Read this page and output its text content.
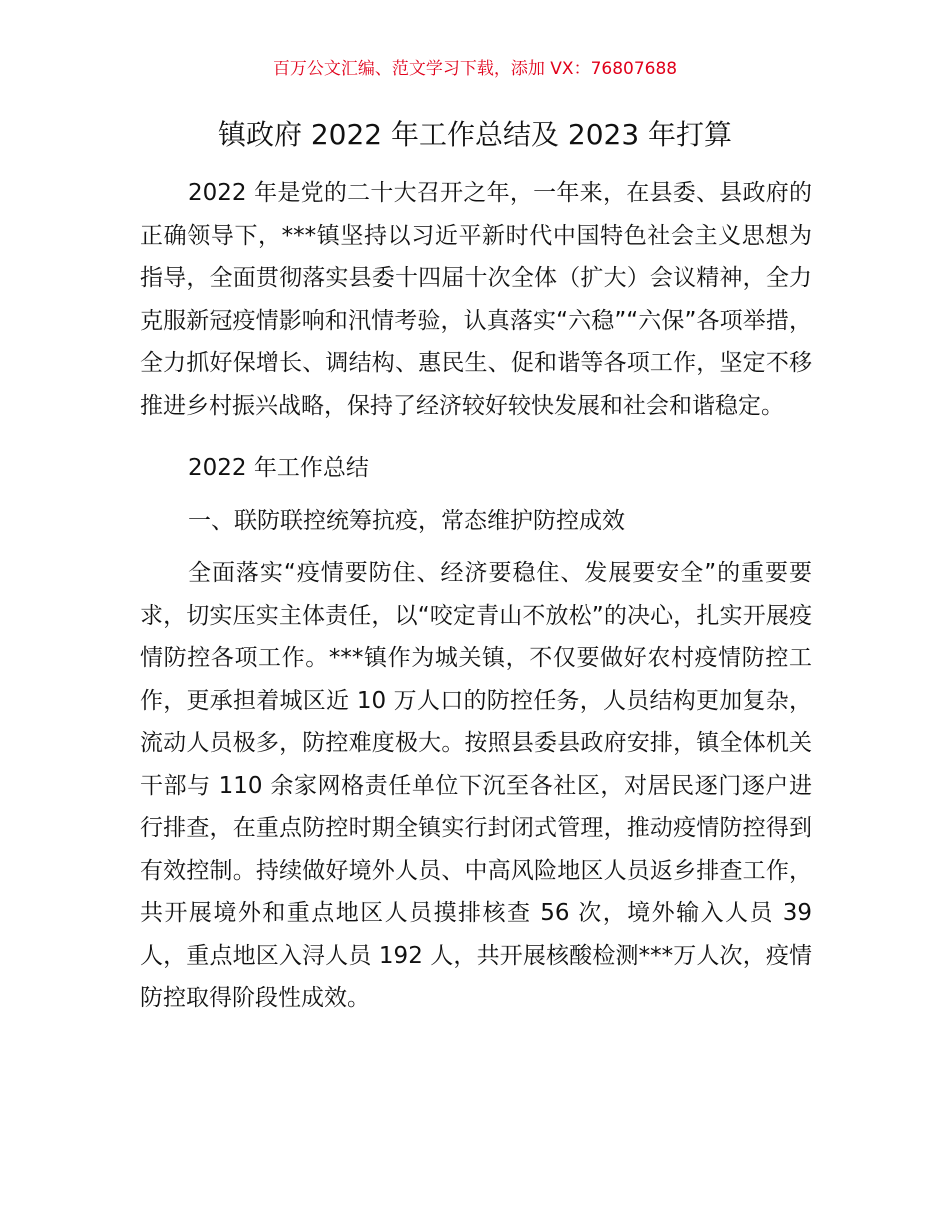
百万公文汇编、范文学习下载，添加 VX：76807688
镇政府 2022 年工作总结及 2023 年打算

2022 年是党的二十大召开之年，一年来，在县委、县政府的正确领导下，***镇坚持以习近平新时代中国特色社会主义思想为指导，全面贯彻落实县委十四届十次全体（扩大）会议精神，全力克服新冠疫情影响和汛情考验，认真落实“六稳”“六保”各项举措，全力抓好保增长、调结构、惠民生、促和谐等各项工作，坚定不移推进乡村振兴战略，保持了经济较好较快发展和社会和谐稳定。

2022 年工作总结

一、联防联控统筹抗疫，常态维护防控成效

全面落实“疫情要防住、经济要稳住、发展要安全”的重要要求，切实压实主体责任，以“咬定青山不放松”的决心，扎实开展疫情防控各项工作。***镇作为城关镇，不仅要做好农村疫情防控工作，更承担着城区近 10 万人口的防控任务，人员结构更加复杂，流动人员极多，防控难度极大。按照县委县政府安排，镇全体机关干部与 110 余家网格责任单位下沉至各社区，对居民逐门逐户进行排查，在重点防控时期全镇实行封闭式管理，推动疫情防控得到有效控制。持续做好境外人员、中高风险地区人员返乡排查工作，共开展境外和重点地区人员摸排核查 56 次，境外输入人员 39 人，重点地区入浔人员 192 人，共开展核酸检测***万人次，疫情防控取得阶段性成效。
